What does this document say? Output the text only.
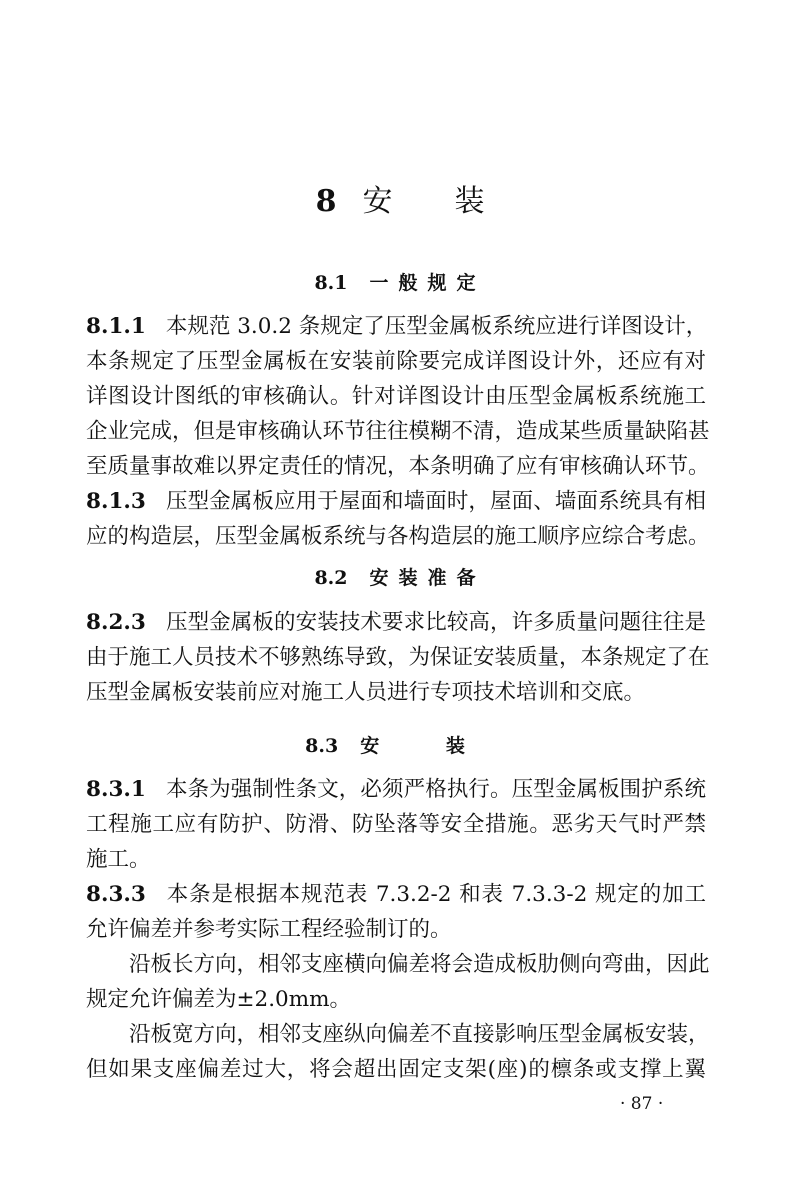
8 安 装
8.1 一般规定
8.1.1 本规范 3.0.2 条规定了压型金属板系统应进行详图设计，
本条规定了压型金属板在安装前除要完成详图设计外，还应有对
详图设计图纸的审核确认。针对详图设计由压型金属板系统施工
企业完成，但是审核确认环节往往模糊不清，造成某些质量缺陷甚
至质量事故难以界定责任的情况，本条明确了应有审核确认环节。
8.1.3 压型金属板应用于屋面和墙面时，屋面、墙面系统具有相
应的构造层，压型金属板系统与各构造层的施工顺序应综合考虑。
8.2 安装准备
8.2.3 压型金属板的安装技术要求比较高，许多质量问题往往是
由于施工人员技术不够熟练导致，为保证安装质量，本条规定了在
压型金属板安装前应对施工人员进行专项技术培训和交底。
8.3 安 装
8.3.1 本条为强制性条文，必须严格执行。压型金属板围护系统
工程施工应有防护、防滑、防坠落等安全措施。恶劣天气时严禁
施工。
8.3.3 本条是根据本规范表 7.3.2-2 和表 7.3.3-2 规定的加工
允许偏差并参考实际工程经验制订的。
沿板长方向，相邻支座横向偏差将会造成板肋侧向弯曲，因此
规定允许偏差为±2.0mm。
沿板宽方向，相邻支座纵向偏差不直接影响压型金属板安装，
但如果支座偏差过大，将会超出固定支架(座)的檩条或支撑上翼
· 87 ·
